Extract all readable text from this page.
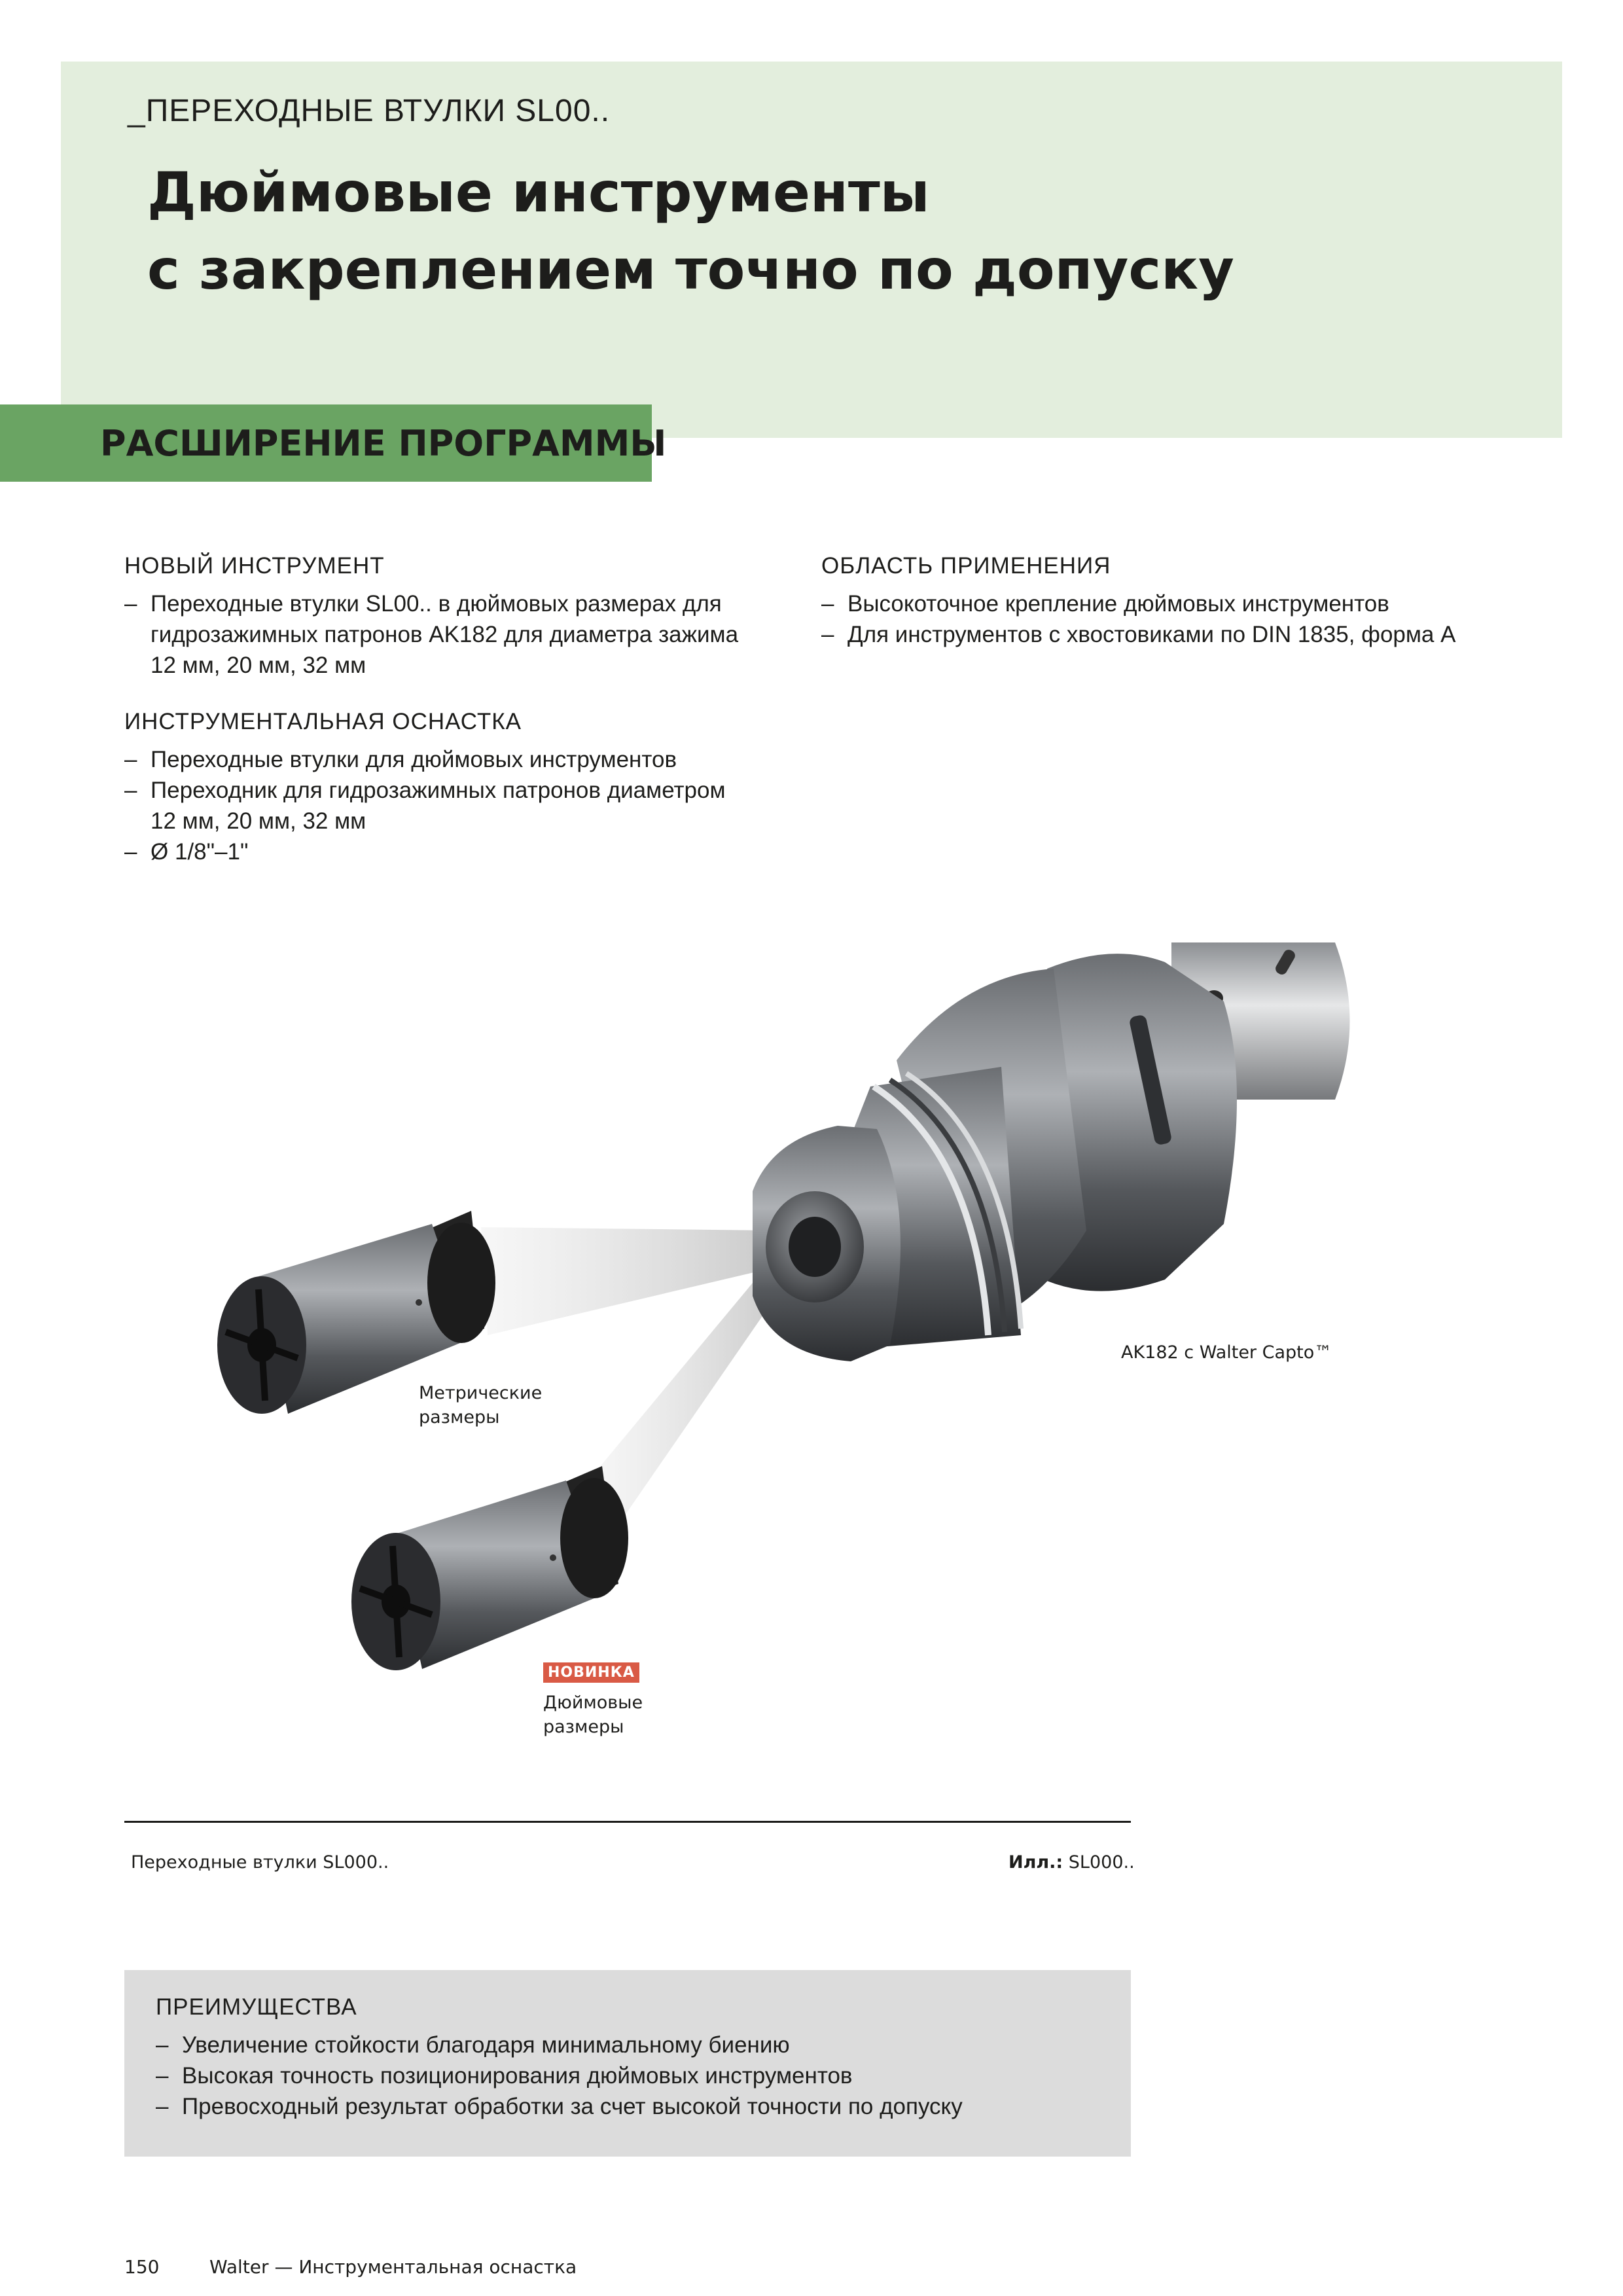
_ПЕРЕХОДНЫЕ ВТУЛКИ SL00..
Дюймовые инструменты
с закреплением точно по допуску
РАСШИРЕНИЕ ПРОГРАММЫ
НОВЫЙ ИНСТРУМЕНТ
– Переходные втулки SL00.. в дюймовых размерах для гидрозажимных патронов AK182 для диаметра зажима 12 мм, 20 мм, 32 мм
ИНСТРУМЕНТАЛЬНАЯ ОСНАСТКА
– Переходные втулки для дюймовых инструментов
– Переходник для гидрозажимных патронов диаметром 12 мм, 20 мм, 32 мм
– Ø 1/8"–1"
ОБЛАСТЬ ПРИМЕНЕНИЯ
– Высокоточное крепление дюймовых инструментов
– Для инструментов с хвостовиками по DIN 1835, форма А
AK182 с Walter Capto™
Метрические
размеры
НОВИНКА
Дюймовые
размеры
Переходные втулки SL000..	Илл.: SL000..
ПРЕИМУЩЕСТВА
– Увеличение стойкости благодаря минимальному биению
– Высокая точность позиционирования дюймовых инструментов
– Превосходный результат обработки за счет высокой точности по допуску
150	Walter — Инструментальная оснастка
